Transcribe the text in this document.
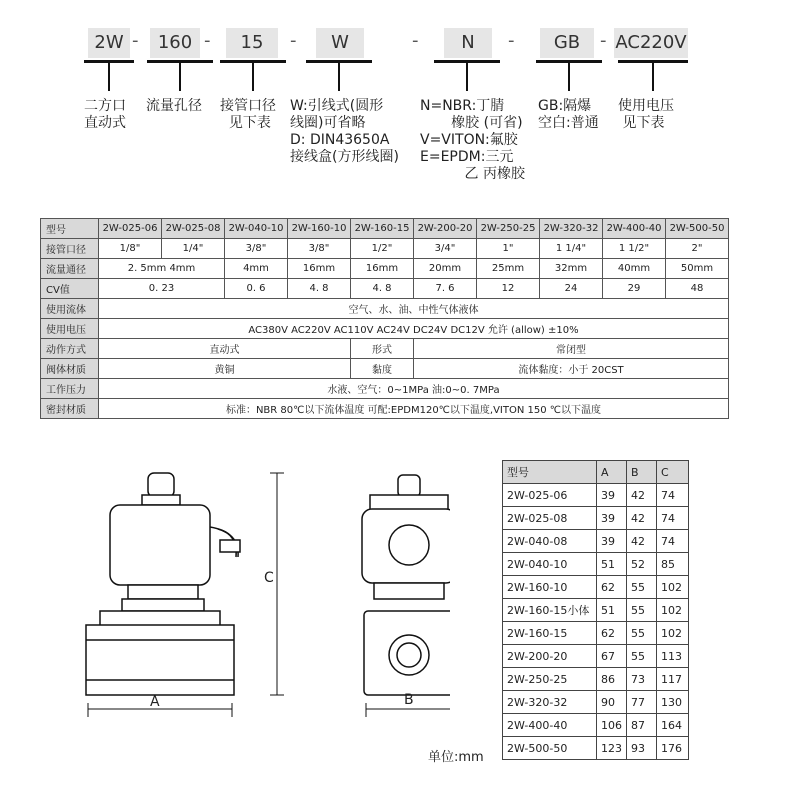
2W -	160 -	15	-	W	-	N	-	GB	- AC220V
二方口
直动式
流量孔径 接管口径
见下表
W:引线式(圆形
线圈)可省略
D: DIN43650A
接线盒(方形线圈)
N=NBR:丁腈
橡胶 (可省)
V=VITON:氟胶
E=EPDM:三元
乙 丙橡胶
GB:隔爆
空白:普通
使用电压
见下表
型号	2W-025-06	2W-025-08	2W-040-10	2W-160-10	2W-160-15	2W-200-20	2W-250-25	2W-320-32	2W-400-40	2W-500-50
接管口径	1/8"	1/4"	3/8"	3/8"	1/2"	3/4"	1"	1 1/4"	1 1/2"	2"
流量通径	2. 5mm 4mm		4mm	16mm	16mm	20mm	25mm	32mm	40mm	50mm
CV值	0. 23		0. 6	4. 8	4. 8	7. 6	12	24	29	48
使用流体	空气、水、油、中性气体液体									
使用电压	AC380V AC220V AC110V AC24V DC24V DC12V 允许 (allow) ±10%									
动作方式	直动式				形式	常闭型				
阀体材质	黄铜				黏度	流体黏度：小于 20CST				
工作压力	水液、空气：0~1MPa 油:0~0. 7MPa									
密封材质	标准：NBR 80℃以下流体温度 可配:EPDM120℃以下温度,VITON 150 ℃以下温度									
A	B
C
单位:mm
型号	A	B	C
2W-025-06	39	42	74
2W-025-08	39	42	74
2W-040-08	39	42	74
2W-040-10	51	52	85
2W-160-10	62	55	102
2W-160-15小体	51	55	102
2W-160-15	62	55	102
2W-200-20	67	55	113
2W-250-25	86	73	117
2W-320-32	90	77	130
2W-400-40	106	87	164
2W-500-50	123	93	176
